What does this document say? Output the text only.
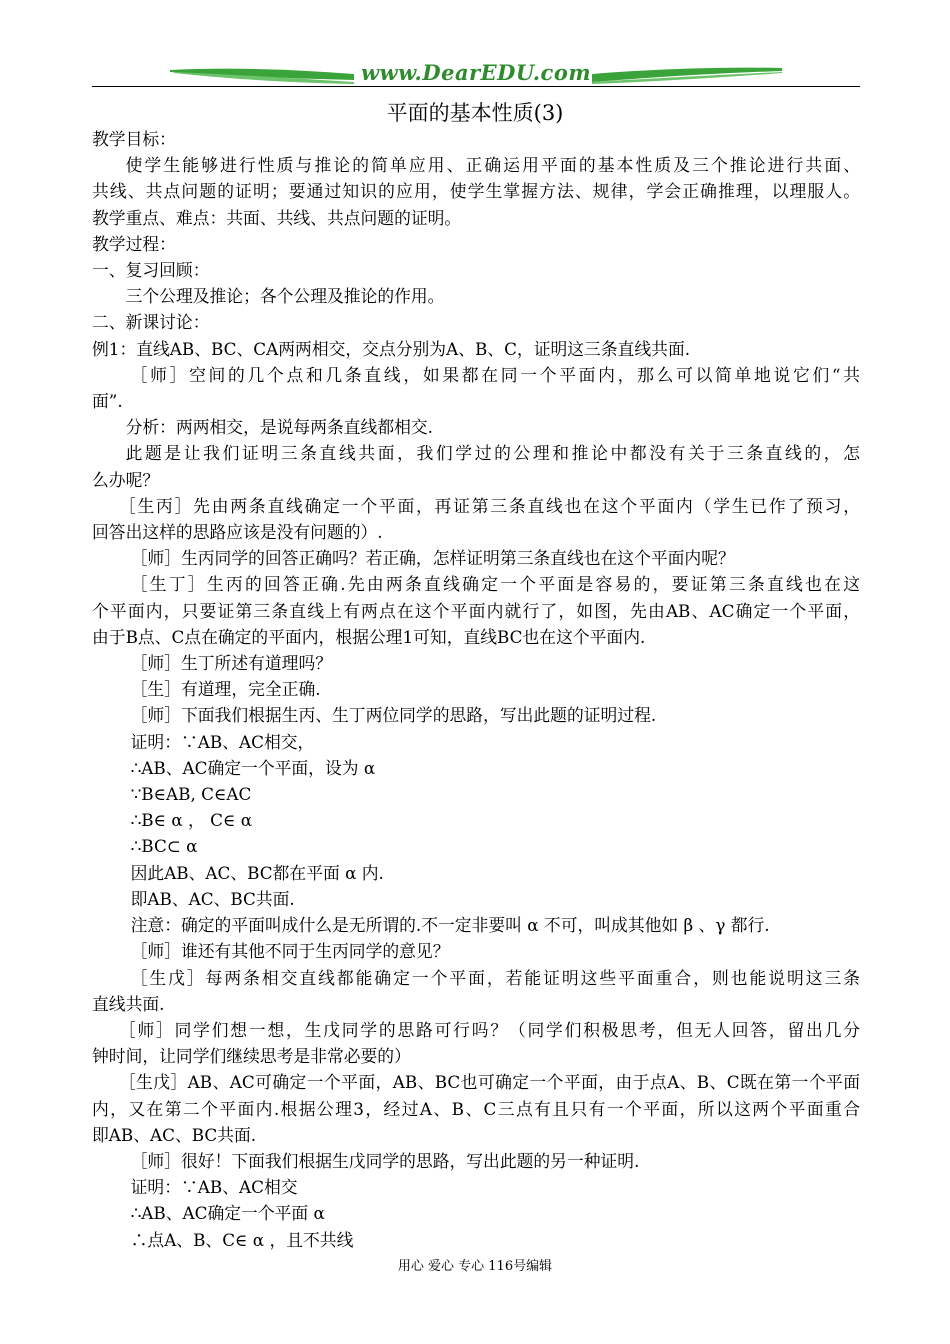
www.DearEDU.com
平面的基本性质(3)

教学目标：

使学生能够进行性质与推论的简单应用、正确运用平面的基本性质及三个推论进行共面、

共线、共点问题的证明；要通过知识的应用，使学生掌握方法、规律，学会正确推理，以理服人。

教学重点、难点：共面、共线、共点问题的证明。

教学过程：

一、复习回顾：

三个公理及推论；各个公理及推论的作用。

二、新课讨论：

例1：直线AB、BC、CA两两相交，交点分别为A、B、C，证明这三条直线共面.

［师］空间的几个点和几条直线，如果都在同一个平面内，那么可以简单地说它们“共

面”.

分析：两两相交，是说每两条直线都相交.

此题是让我们证明三条直线共面，我们学过的公理和推论中都没有关于三条直线的，怎

么办呢？

［生丙］先由两条直线确定一个平面，再证第三条直线也在这个平面内（学生已作了预习，

回答出这样的思路应该是没有问题的）.

［师］生丙同学的回答正确吗？若正确，怎样证明第三条直线也在这个平面内呢？

［生丁］生丙的回答正确.先由两条直线确定一个平面是容易的，要证第三条直线也在这

个平面内，只要证第三条直线上有两点在这个平面内就行了，如图，先由AB、AC确定一个平面，

由于B点、C点在确定的平面内，根据公理1可知，直线BC也在这个平面内.

［师］生丁所述有道理吗？

［生］有道理，完全正确.

［师］下面我们根据生丙、生丁两位同学的思路，写出此题的证明过程.

证明：∵AB、AC相交，

∴AB、AC确定一个平面，设为 α

∵B∈AB, C∈AC

∴B∈ α ， C∈ α

∴BC⊂ α

因此AB、AC、BC都在平面 α 内.

即AB、AC、BC共面.

注意：确定的平面叫成什么是无所谓的.不一定非要叫 α 不可，叫成其他如 β 、γ 都行.

［师］谁还有其他不同于生丙同学的意见？

［生戊］每两条相交直线都能确定一个平面，若能证明这些平面重合，则也能说明这三条

直线共面.

［师］同学们想一想，生戊同学的思路可行吗？（同学们积极思考，但无人回答，留出几分

钟时间，让同学们继续思考是非常必要的）

［生戊］AB、AC可确定一个平面，AB、BC也可确定一个平面，由于点A、B、C既在第一个平面

内，又在第二个平面内.根据公理3，经过A、B、C三点有且只有一个平面，所以这两个平面重合

即AB、AC、BC共面.

［师］很好！下面我们根据生戊同学的思路，写出此题的另一种证明.

证明：∵AB、AC相交

∴AB、AC确定一个平面 α

∴点A、B、C∈ α ，且不共线

用心 爱心 专心 116号编辑
